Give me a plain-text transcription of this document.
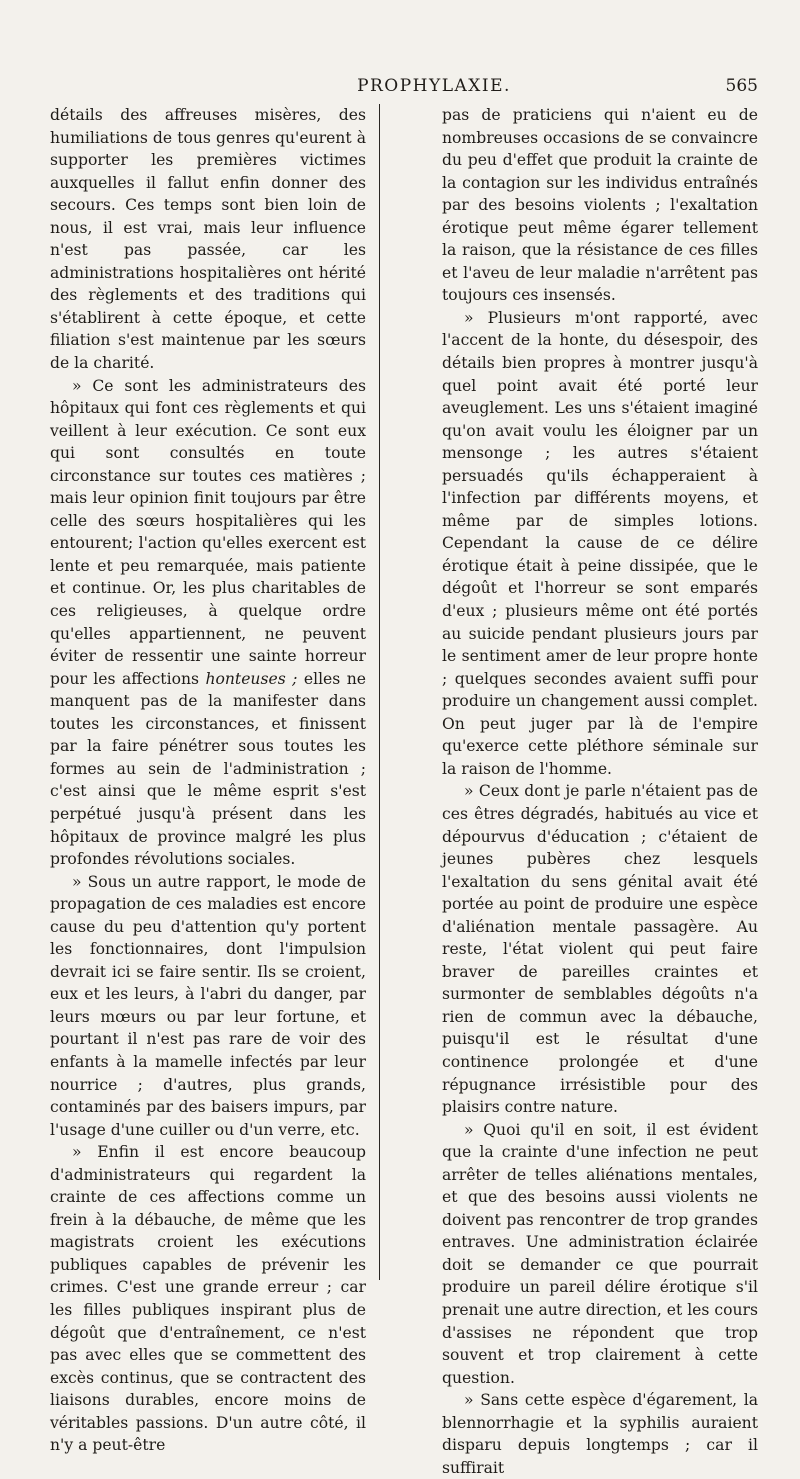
PROPHYLAXIE.	565

détails des affreuses misères, des humiliations de tous genres qu'eurent à supporter les premières victimes auxquelles il fallut enfin donner des secours. Ces temps sont bien loin de nous, il est vrai, mais leur influence n'est pas passée, car les administrations hospitalières ont hérité des règlements et des traditions qui s'établirent à cette époque, et cette filiation s'est maintenue par les sœurs de la charité.

» Ce sont les administrateurs des hôpitaux qui font ces règlements et qui veillent à leur exécution. Ce sont eux qui sont consultés en toute circonstance sur toutes ces matières ; mais leur opinion finit toujours par être celle des sœurs hospitalières qui les entourent; l'action qu'elles exercent est lente et peu remarquée, mais patiente et continue. Or, les plus charitables de ces religieuses, à quelque ordre qu'elles appartiennent, ne peuvent éviter de ressentir une sainte horreur pour les affections honteuses ; elles ne manquent pas de la manifester dans toutes les circonstances, et finissent par la faire pénétrer sous toutes les formes au sein de l'administration ; c'est ainsi que le même esprit s'est perpétué jusqu'à présent dans les hôpitaux de province malgré les plus profondes révolutions sociales.

» Sous un autre rapport, le mode de propagation de ces maladies est encore cause du peu d'attention qu'y portent les fonctionnaires, dont l'impulsion devrait ici se faire sentir. Ils se croient, eux et les leurs, à l'abri du danger, par leurs mœurs ou par leur fortune, et pourtant il n'est pas rare de voir des enfants à la mamelle infectés par leur nourrice ; d'autres, plus grands, contaminés par des baisers impurs, par l'usage d'une cuiller ou d'un verre, etc.

» Enfin il est encore beaucoup d'administrateurs qui regardent la crainte de ces affections comme un frein à la débauche, de même que les magistrats croient les exécutions publiques capables de prévenir les crimes. C'est une grande erreur ; car les filles publiques inspirant plus de dégoût que d'entraînement, ce n'est pas avec elles que se commettent des excès continus, que se contractent des liaisons durables, encore moins de véritables passions. D'un autre côté, il n'y a peut-être

pas de praticiens qui n'aient eu de nombreuses occasions de se convaincre du peu d'effet que produit la crainte de la contagion sur les individus entraînés par des besoins violents ; l'exaltation érotique peut même égarer tellement la raison, que la résistance de ces filles et l'aveu de leur maladie n'arrêtent pas toujours ces insensés.

» Plusieurs m'ont rapporté, avec l'accent de la honte, du désespoir, des détails bien propres à montrer jusqu'à quel point avait été porté leur aveuglement. Les uns s'étaient imaginé qu'on avait voulu les éloigner par un mensonge ; les autres s'étaient persuadés qu'ils échapperaient à l'infection par différents moyens, et même par de simples lotions. Cependant la cause de ce délire érotique était à peine dissipée, que le dégoût et l'horreur se sont emparés d'eux ; plusieurs même ont été portés au suicide pendant plusieurs jours par le sentiment amer de leur propre honte ; quelques secondes avaient suffi pour produire un changement aussi complet. On peut juger par là de l'empire qu'exerce cette pléthore séminale sur la raison de l'homme.

» Ceux dont je parle n'étaient pas de ces êtres dégradés, habitués au vice et dépourvus d'éducation ; c'étaient de jeunes pubères chez lesquels l'exaltation du sens génital avait été portée au point de produire une espèce d'aliénation mentale passagère. Au reste, l'état violent qui peut faire braver de pareilles craintes et surmonter de semblables dégoûts n'a rien de commun avec la débauche, puisqu'il est le résultat d'une continence prolongée et d'une répugnance irrésistible pour des plaisirs contre nature.

» Quoi qu'il en soit, il est évident que la crainte d'une infection ne peut arrêter de telles aliénations mentales, et que des besoins aussi violents ne doivent pas rencontrer de trop grandes entraves. Une administration éclairée doit se demander ce que pourrait produire un pareil délire érotique s'il prenait une autre direction, et les cours d'assises ne répondent que trop souvent et trop clairement à cette question.

» Sans cette espèce d'égarement, la blennorrhagie et la syphilis auraient disparu depuis longtemps ; car il suffirait
